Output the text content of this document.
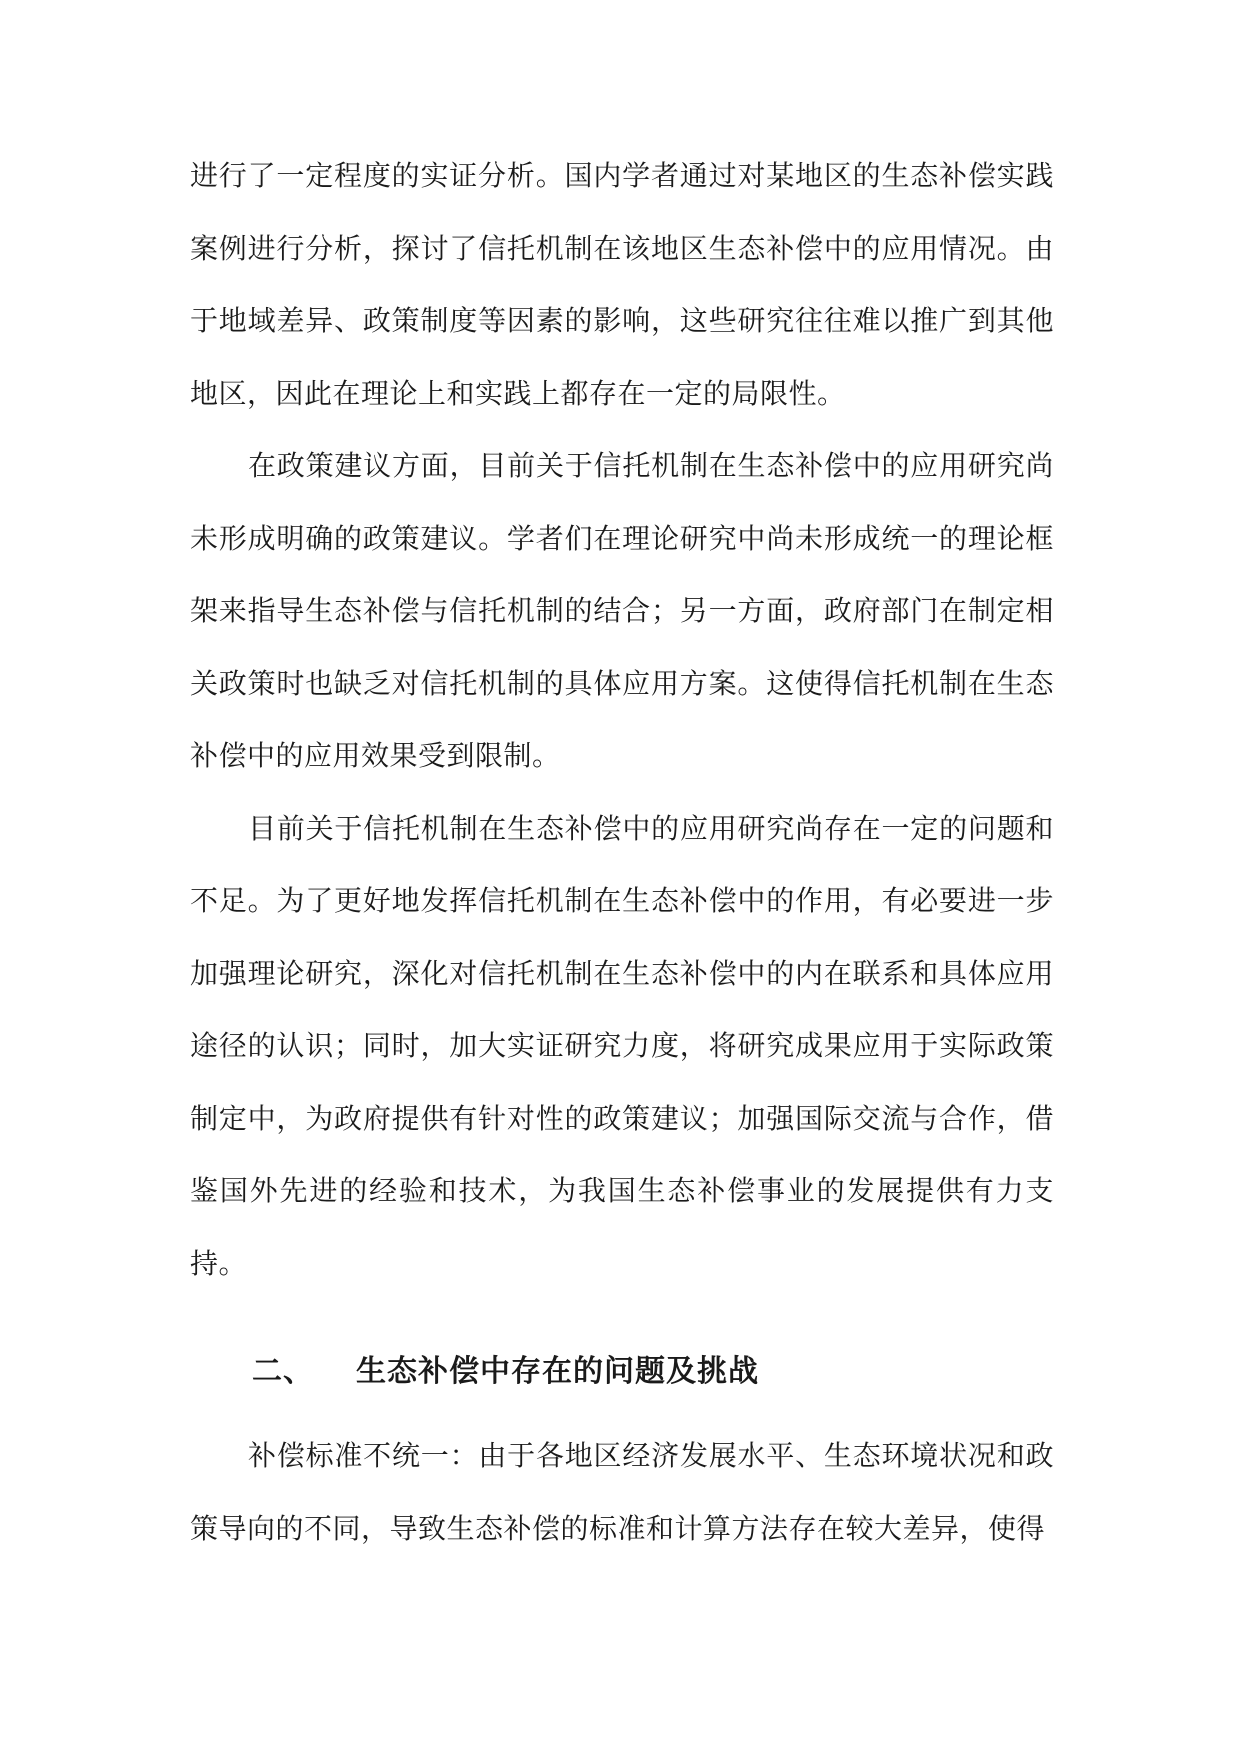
进行了一定程度的实证分析。国内学者通过对某地区的生态补偿实践案例进行分析，探讨了信托机制在该地区生态补偿中的应用情况。由于地域差异、政策制度等因素的影响，这些研究往往难以推广到其他地区，因此在理论上和实践上都存在一定的局限性。

在政策建议方面，目前关于信托机制在生态补偿中的应用研究尚未形成明确的政策建议。学者们在理论研究中尚未形成统一的理论框架来指导生态补偿与信托机制的结合；另一方面，政府部门在制定相关政策时也缺乏对信托机制的具体应用方案。这使得信托机制在生态补偿中的应用效果受到限制。

目前关于信托机制在生态补偿中的应用研究尚存在一定的问题和不足。为了更好地发挥信托机制在生态补偿中的作用，有必要进一步加强理论研究，深化对信托机制在生态补偿中的内在联系和具体应用途径的认识；同时，加大实证研究力度，将研究成果应用于实际政策制定中，为政府提供有针对性的政策建议；加强国际交流与合作，借鉴国外先进的经验和技术，为我国生态补偿事业的发展提供有力支持。

二、 生态补偿中存在的问题及挑战

补偿标准不统一：由于各地区经济发展水平、生态环境状况和政策导向的不同，导致生态补偿的标准和计算方法存在较大差异，使得
